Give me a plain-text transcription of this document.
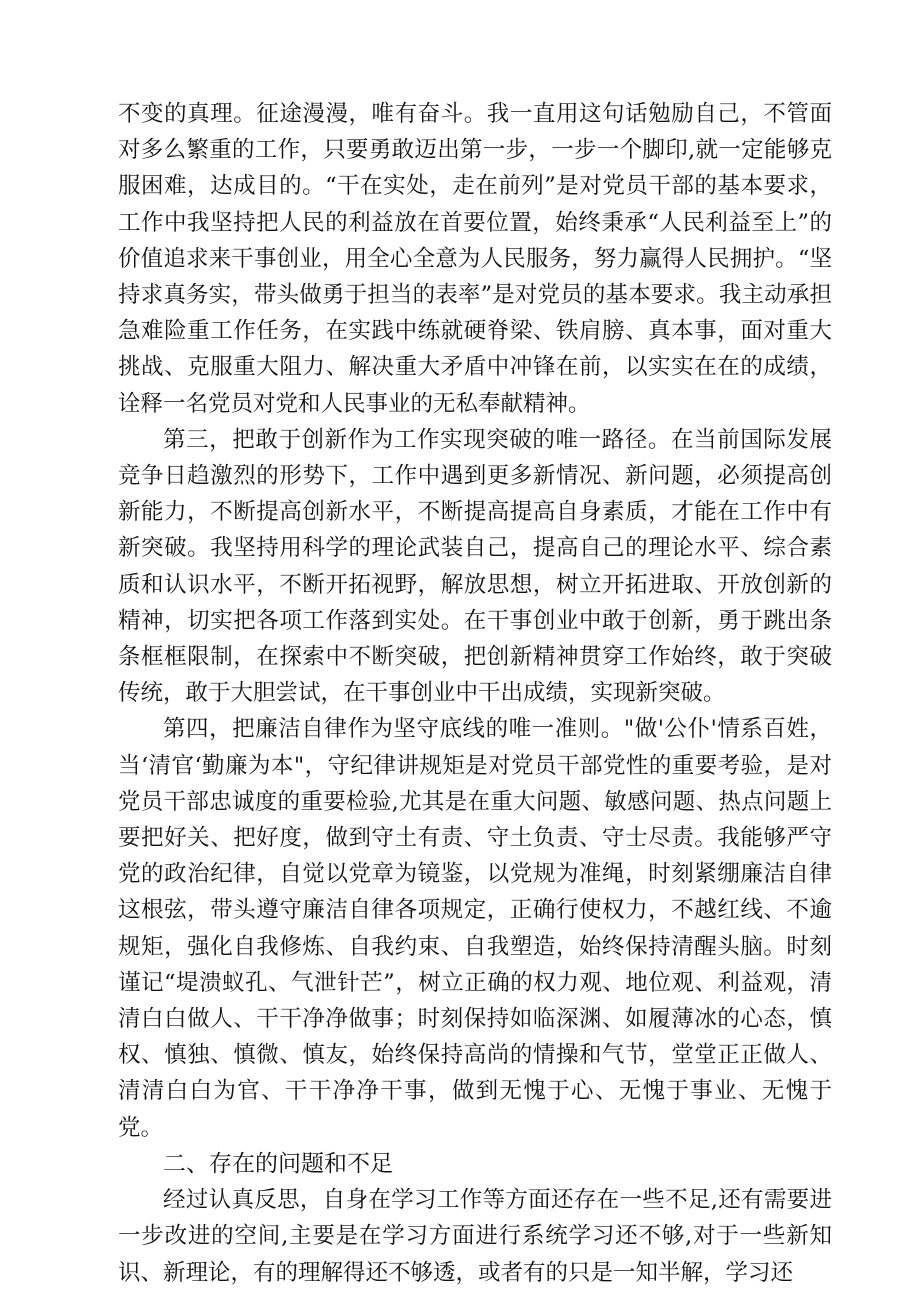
不变的真理。征途漫漫，唯有奋斗。我一直用这句话勉励自己，不管面对多么繁重的工作，只要勇敢迈出第一步，一步一个脚印,就一定能够克服困难，达成目的。“干在实处，走在前列”是对党员干部的基本要求，工作中我坚持把人民的利益放在首要位置，始终秉承“人民利益至上”的价值追求来干事创业，用全心全意为人民服务，努力赢得人民拥护。“坚持求真务实，带头做勇于担当的表率”是对党员的基本要求。我主动承担急难险重工作任务，在实践中练就硬脊梁、铁肩膀、真本事，面对重大挑战、克服重大阻力、解决重大矛盾中冲锋在前，以实实在在的成绩，诠释一名党员对党和人民事业的无私奉献精神。

第三，把敢于创新作为工作实现突破的唯一路径。在当前国际发展竞争日趋激烈的形势下，工作中遇到更多新情况、新问题，必须提高创新能力，不断提高创新水平，不断提高提高自身素质，才能在工作中有新突破。我坚持用科学的理论武装自己，提高自己的理论水平、综合素质和认识水平，不断开拓视野，解放思想，树立开拓进取、开放创新的精神，切实把各项工作落到实处。在干事创业中敢于创新，勇于跳出条条框框限制，在探索中不断突破，把创新精神贯穿工作始终，敢于突破传统，敢于大胆尝试，在干事创业中干出成绩，实现新突破。

第四，把廉洁自律作为坚守底线的唯一准则。"做'公仆'情系百姓，当‘清官‘勤廉为本"，守纪律讲规矩是对党员干部党性的重要考验，是对党员干部忠诚度的重要检验,尤其是在重大问题、敏感问题、热点问题上要把好关、把好度，做到守土有责、守土负责、守士尽责。我能够严守党的政治纪律，自觉以党章为镜鉴，以党规为准绳，时刻紧绷廉洁自律这根弦，带头遵守廉洁自律各项规定，正确行使权力，不越红线、不逾规矩，强化自我修炼、自我约束、自我塑造，始终保持清醒头脑。时刻谨记“堤溃蚁孔、气泄针芒”，树立正确的权力观、地位观、利益观，清清白白做人、干干净净做事；时刻保持如临深渊、如履薄冰的心态，慎权、慎独、慎微、慎友，始终保持高尚的情操和气节，堂堂正正做人、清清白白为官、干干净净干事，做到无愧于心、无愧于事业、无愧于党。

二、存在的问题和不足

经过认真反思，自身在学习工作等方面还存在一些不足,还有需要进一步改进的空间,主要是在学习方面进行系统学习还不够,对于一些新知识、新理论，有的理解得还不够透，或者有的只是一知半解，学习还
